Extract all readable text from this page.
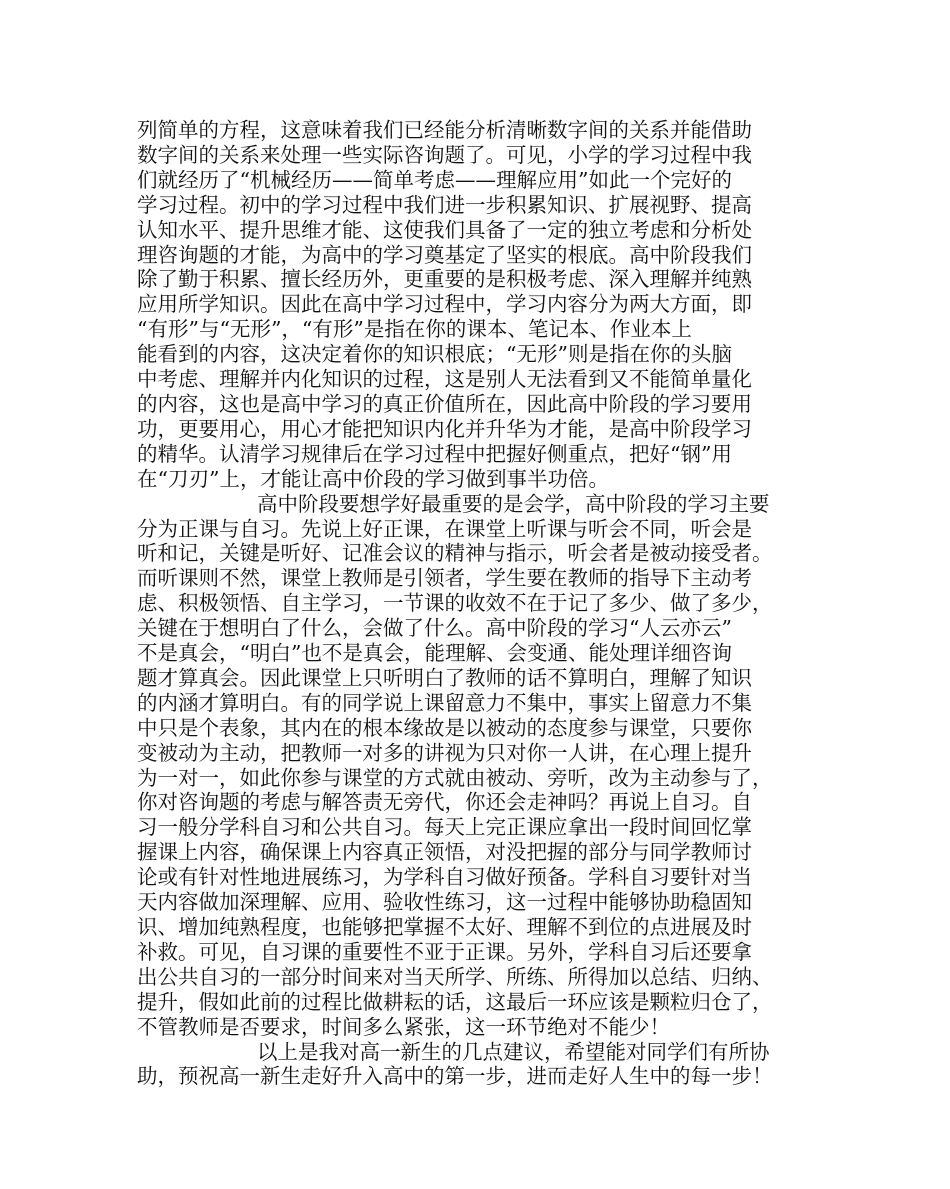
列简单的方程，这意味着我们已经能分析清晰数字间的关系并能借助
数字间的关系来处理一些实际咨询题了。可见，小学的学习过程中我
们就经历了“机械经历——简单考虑——理解应用”如此一个完好的
学习过程。初中的学习过程中我们进一步积累知识、扩展视野、提高
认知水平、提升思维才能、这使我们具备了一定的独立考虑和分析处
理咨询题的才能，为高中的学习奠基定了坚实的根底。高中阶段我们
除了勤于积累、擅长经历外，更重要的是积极考虑、深入理解并纯熟
应用所学知识。因此在高中学习过程中，学习内容分为两大方面，即
“有形”与“无形”，“有形”是指在你的课本、笔记本、作业本上
能看到的内容，这决定着你的知识根底；“无形”则是指在你的头脑
中考虑、理解并内化知识的过程，这是别人无法看到又不能简单量化
的内容，这也是高中学习的真正价值所在，因此高中阶段的学习要用
功，更要用心，用心才能把知识内化并升华为才能，是高中阶段学习
的精华。认清学习规律后在学习过程中把握好侧重点，把好“钢”用
在“刀刃”上，才能让高中价段的学习做到事半功倍。

高中阶段要想学好最重要的是会学，高中阶段的学习主要
分为正课与自习。先说上好正课，在课堂上听课与听会不同，听会是
听和记，关键是听好、记准会议的精神与指示，听会者是被动接受者。
而听课则不然，课堂上教师是引领者，学生要在教师的指导下主动考
虑、积极领悟、自主学习，一节课的收效不在于记了多少、做了多少，
关键在于想明白了什么，会做了什么。高中阶段的学习“人云亦云”
不是真会，“明白”也不是真会，能理解、会变通、能处理详细咨询
题才算真会。因此课堂上只听明白了教师的话不算明白，理解了知识
的内涵才算明白。有的同学说上课留意力不集中，事实上留意力不集
中只是个表象，其内在的根本缘故是以被动的态度参与课堂，只要你
变被动为主动，把教师一对多的讲视为只对你一人讲，在心理上提升
为一对一，如此你参与课堂的方式就由被动、旁听，改为主动参与了，
你对咨询题的考虑与解答责无旁代，你还会走神吗？再说上自习。自
习一般分学科自习和公共自习。每天上完正课应拿出一段时间回忆掌
握课上内容，确保课上内容真正领悟，对没把握的部分与同学教师讨
论或有针对性地进展练习，为学科自习做好预备。学科自习要针对当
天内容做加深理解、应用、验收性练习，这一过程中能够协助稳固知
识、增加纯熟程度，也能够把掌握不太好、理解不到位的点进展及时
补救。可见，自习课的重要性不亚于正课。另外，学科自习后还要拿
出公共自习的一部分时间来对当天所学、所练、所得加以总结、归纳、
提升，假如此前的过程比做耕耘的话，这最后一环应该是颗粒归仓了，
不管教师是否要求，时间多么紧张，这一环节绝对不能少！

以上是我对高一新生的几点建议，希望能对同学们有所协
助，预祝高一新生走好升入高中的第一步，进而走好人生中的每一步！
